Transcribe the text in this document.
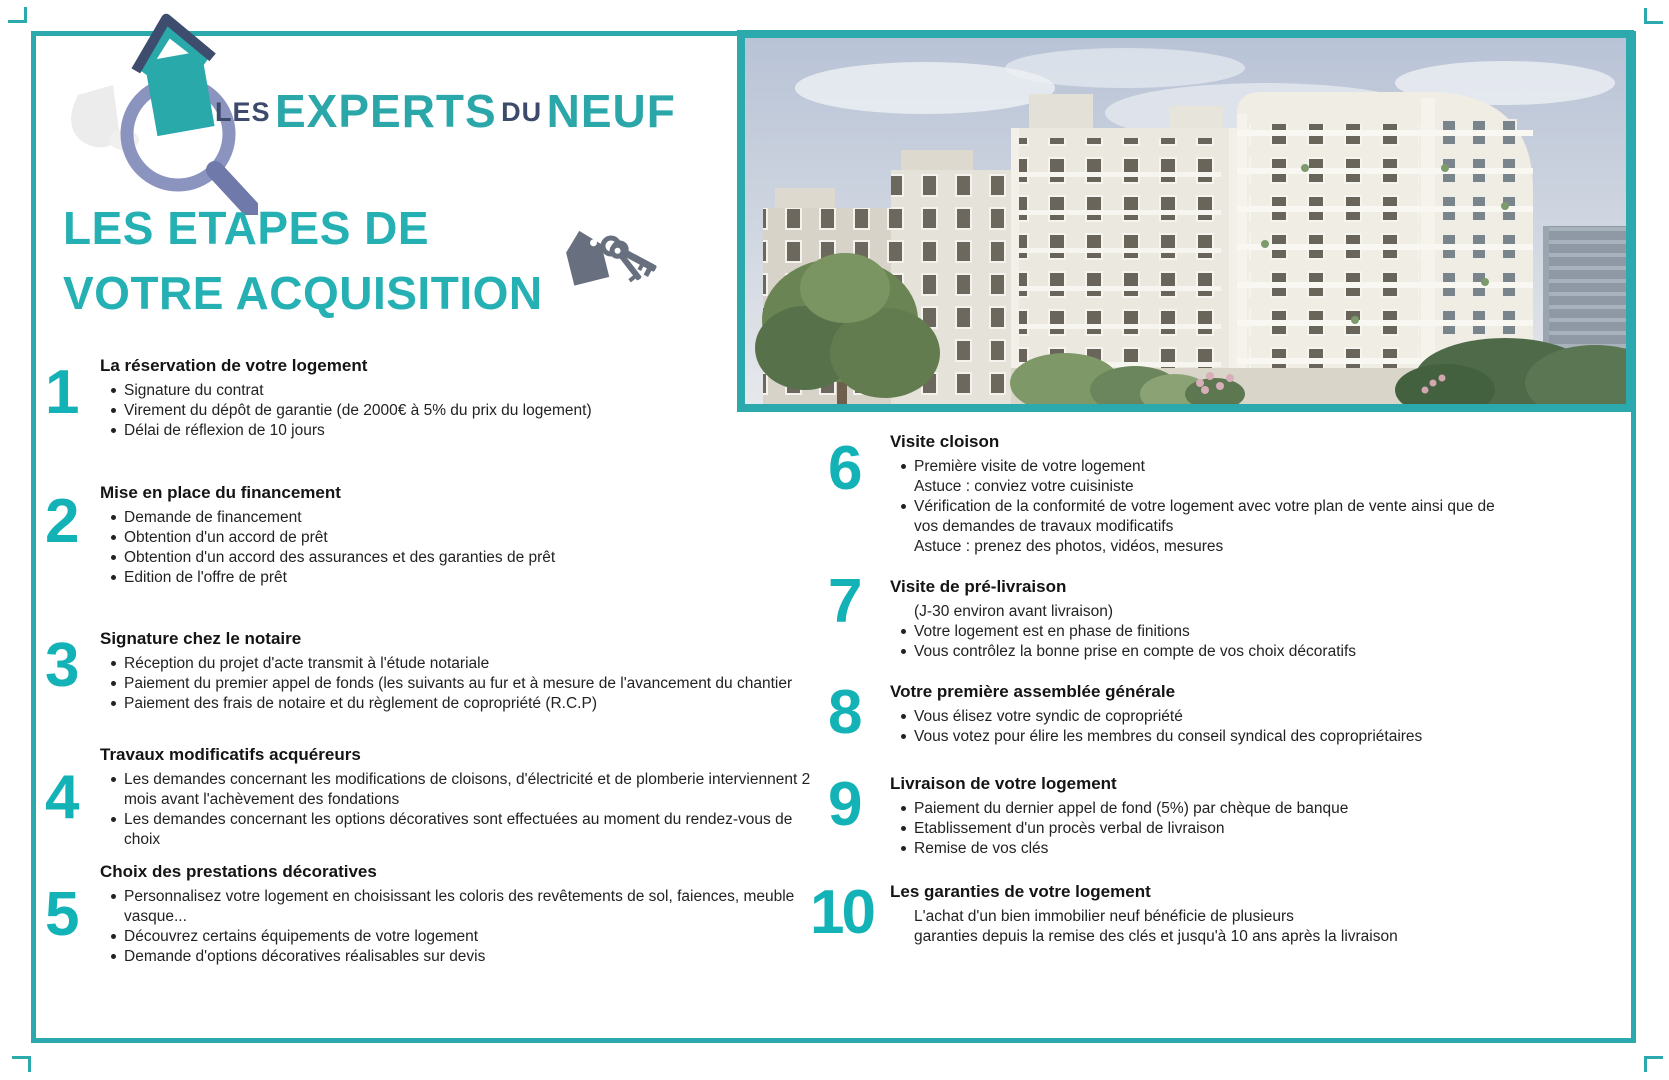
LES EXPERTS DU NEUF
LES ETAPES DE
VOTRE ACQUISITION
1 La réservation de votre logement
Signature du contrat
Virement du dépôt de garantie (de 2000€ à 5% du prix du logement)
Délai de réflexion de 10 jours
2 Mise en place du financement
Demande de financement
Obtention d'un accord de prêt
Obtention d'un accord des assurances et des garanties de prêt
Edition de l'offre de prêt
3 Signature chez le notaire
Réception du projet d'acte transmit à l'étude notariale
Paiement du premier appel de fonds (les suivants au fur et à mesure de l'avancement du chantier
Paiement des frais de notaire et du règlement de copropriété (R.C.P)
4
Travaux modificatifs acquéreurs
Les demandes concernant les modifications de cloisons, d'électricité et de plomberie interviennent 2 mois avant l'achèvement des fondations
Les demandes concernant les options décoratives sont effectuées au moment du rendez-vous de choix
5
Choix des prestations décoratives
Personnalisez votre logement en choisissant les coloris des revêtements de sol, faiences, meuble vasque...
Découvrez certains équipements de votre logement
Demande d'options décoratives réalisables sur devis
6 Visite cloison
Première visite de votre logement
Astuce : conviez votre cuisiniste
Vérification de la conformité de votre logement avec votre plan de vente ainsi que de vos demandes de travaux modificatifs
Astuce : prenez des photos, vidéos, mesures
7 Visite de pré-livraison
(J-30 environ avant livraison)
Votre logement est en phase de finitions
Vous contrôlez la bonne prise en compte de vos choix décoratifs
8 Votre première assemblée générale
Vous élisez votre syndic de copropriété
Vous votez pour élire les membres du conseil syndical des copropriétaires
9 Livraison de votre logement
Paiement du dernier appel de fond (5%) par chèque de banque
Etablissement d'un procès verbal de livraison
Remise de vos clés
10 Les garanties de votre logement
L'achat d'un bien immobilier neuf bénéficie de plusieurs
garanties depuis la remise des clés et jusqu'à 10 ans après la livraison
